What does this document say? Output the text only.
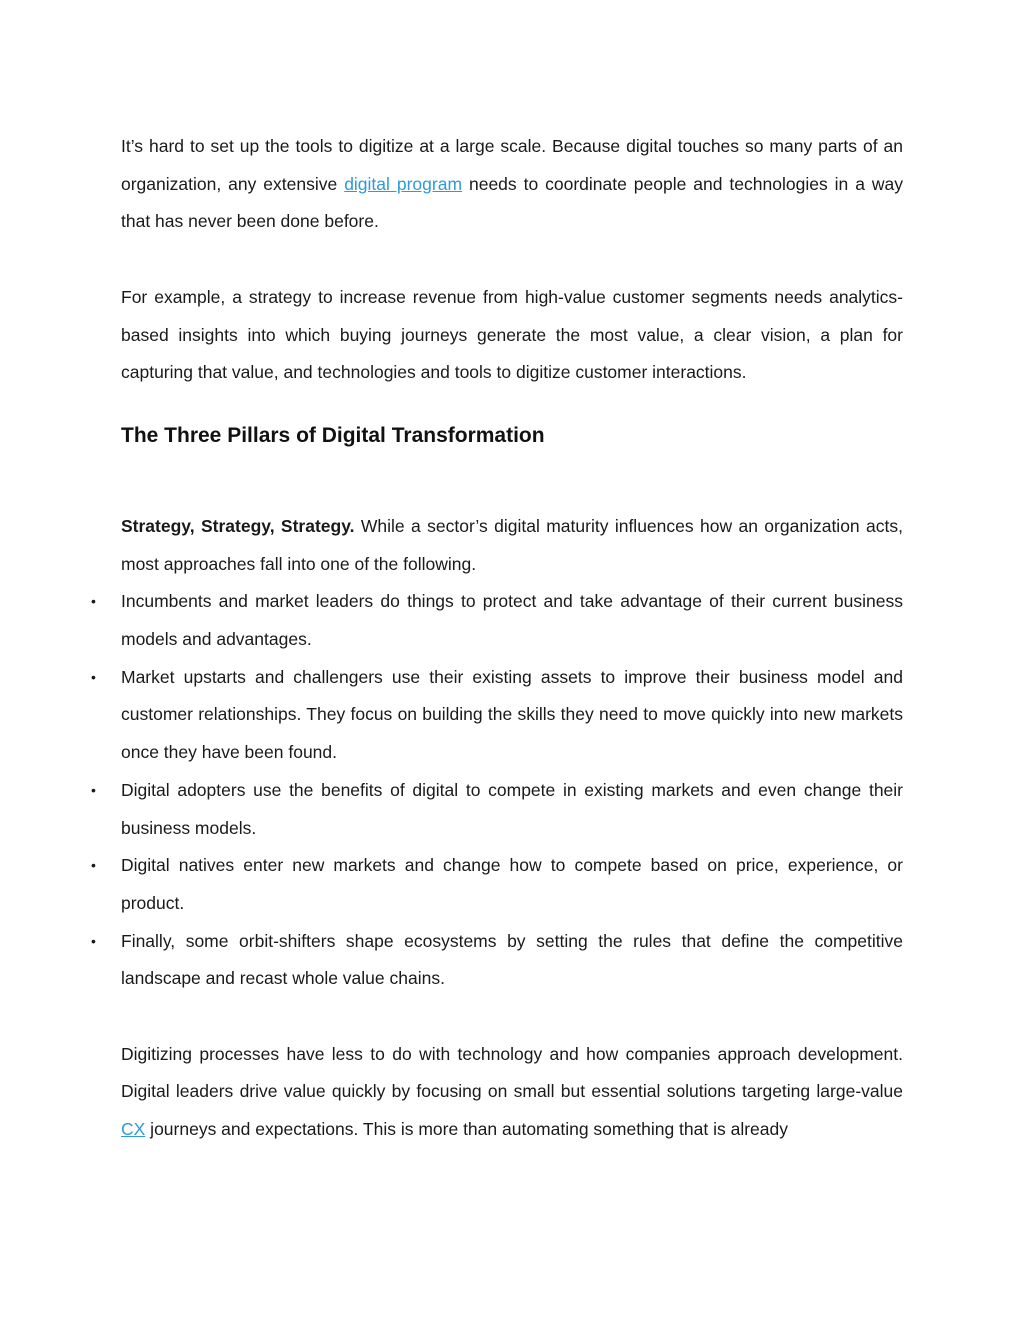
It’s hard to set up the tools to digitize at a large scale. Because digital touches so many parts of an organization, any extensive digital program needs to coordinate people and technologies in a way that has never been done before.

For example, a strategy to increase revenue from high-value customer segments needs analytics-based insights into which buying journeys generate the most value, a clear vision, a plan for capturing that value, and technologies and tools to digitize customer interactions.

The Three Pillars of Digital Transformation

Strategy, Strategy, Strategy. While a sector’s digital maturity influences how an organization acts, most approaches fall into one of the following.

• Incumbents and market leaders do things to protect and take advantage of their current business models and advantages.
• Market upstarts and challengers use their existing assets to improve their business model and customer relationships. They focus on building the skills they need to move quickly into new markets once they have been found.
• Digital adopters use the benefits of digital to compete in existing markets and even change their business models.
• Digital natives enter new markets and change how to compete based on price, experience, or product.
• Finally, some orbit-shifters shape ecosystems by setting the rules that define the competitive landscape and recast whole value chains.

Digitizing processes have less to do with technology and how companies approach development. Digital leaders drive value quickly by focusing on small but essential solutions targeting large-value CX journeys and expectations. This is more than automating something that is already
